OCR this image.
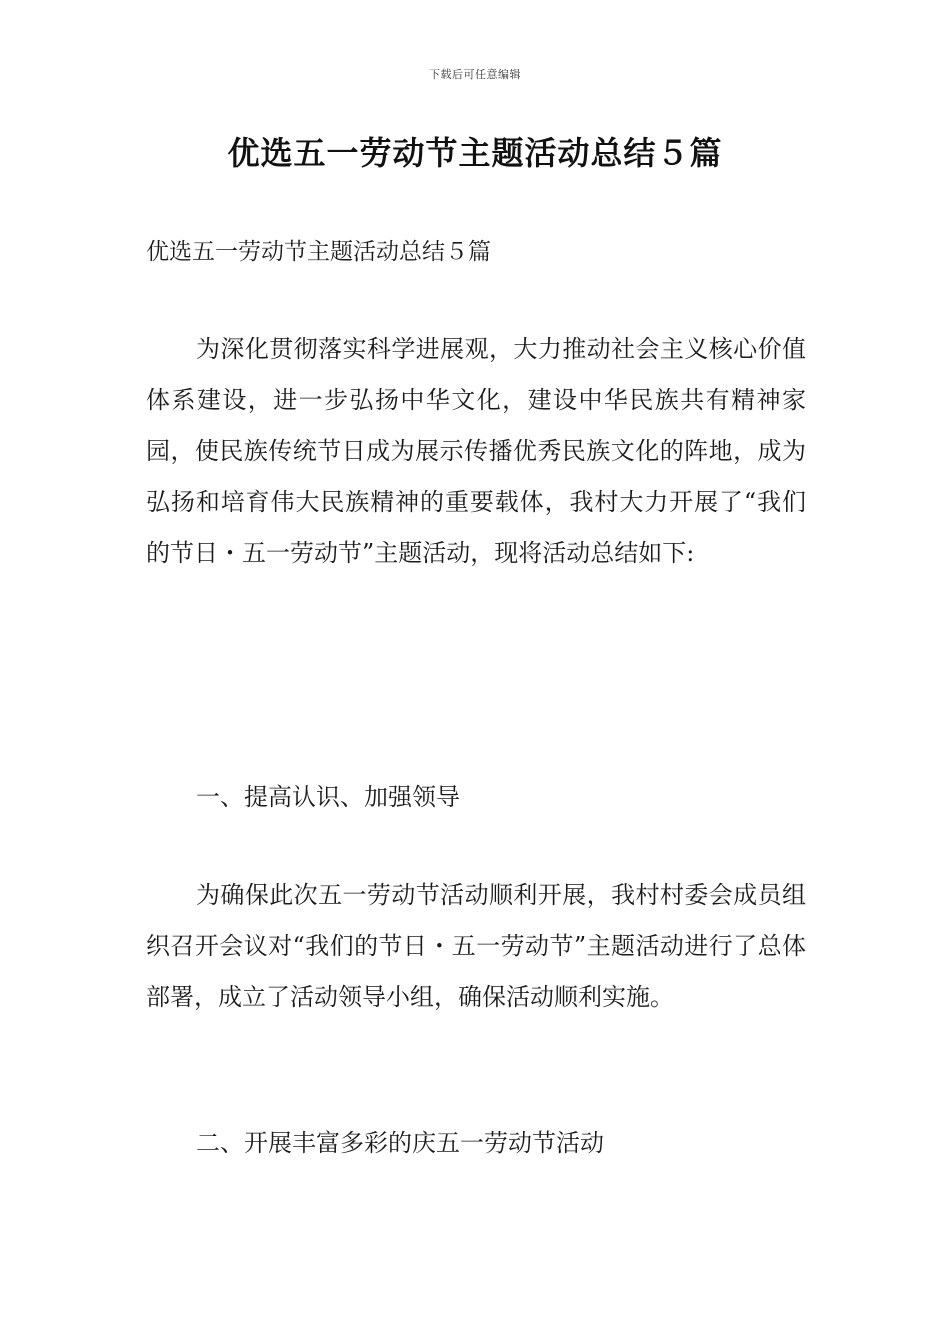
下载后可任意编辑
优选五一劳动节主题活动总结５篇
优选五一劳动节主题活动总结５篇
为深化贯彻落实科学进展观，大力推动社会主义核心价值体系建设，进一步弘扬中华文化，建设中华民族共有精神家园，使民族传统节日成为展示传播优秀民族文化的阵地，成为弘扬和培育伟大民族精神的重要载体，我村大力开展了“我们的节日・五一劳动节”主题活动，现将活动总结如下:
一、提高认识、加强领导
为确保此次五一劳动节活动顺利开展，我村村委会成员组织召开会议对“我们的节日・五一劳动节”主题活动进行了总体部署，成立了活动领导小组，确保活动顺利实施。
二、开展丰富多彩的庆五一劳动节活动
